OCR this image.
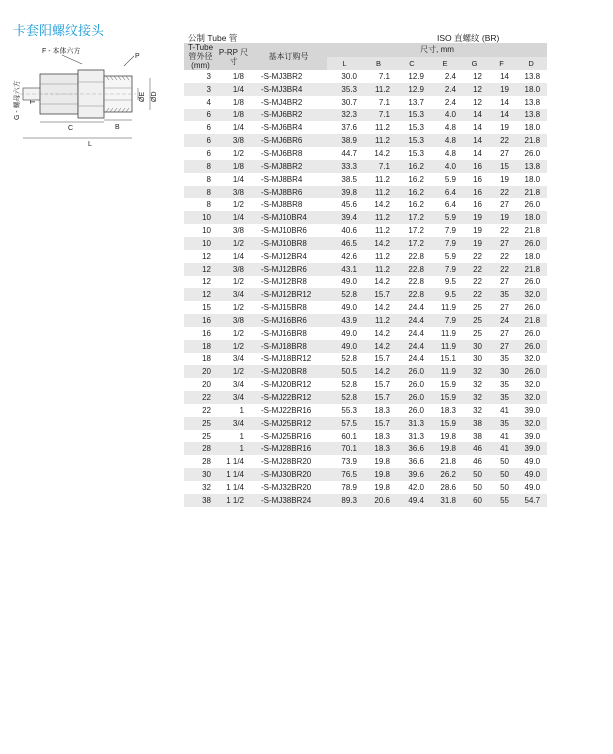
卡套阳螺纹接头
F - 本体六方
P
G - 螺母六方 T	ØE ØD
C	B
L
公制 Tube 管	ISO 直螺纹 (BR)
T-Tube 管外径 (mm)	P-RP 尺寸	基本订购号	尺寸, mm						
			L	B	C	E	G	F	D
3	1/8	-S-MJ3BR2	30.0	7.1	12.9	2.4	12	14	13.8
3	1/4	-S-MJ3BR4	35.3	11.2	12.9	2.4	12	19	18.0
4	1/8	-S-MJ4BR2	30.7	7.1	13.7	2.4	12	14	13.8
6	1/8	-S-MJ6BR2	32.3	7.1	15.3	4.0	14	14	13.8
6	1/4	-S-MJ6BR4	37.6	11.2	15.3	4.8	14	19	18.0
6	3/8	-S-MJ6BR6	38.9	11.2	15.3	4.8	14	22	21.8
6	1/2	-S-MJ6BR8	44.7	14.2	15.3	4.8	14	27	26.0
8	1/8	-S-MJ8BR2	33.3	7.1	16.2	4.0	16	15	13.8
8	1/4	-S-MJ8BR4	38.5	11.2	16.2	5.9	16	19	18.0
8	3/8	-S-MJ8BR6	39.8	11.2	16.2	6.4	16	22	21.8
8	1/2	-S-MJ8BR8	45.6	14.2	16.2	6.4	16	27	26.0
10	1/4	-S-MJ10BR4	39.4	11.2	17.2	5.9	19	19	18.0
10	3/8	-S-MJ10BR6	40.6	11.2	17.2	7.9	19	22	21.8
10	1/2	-S-MJ10BR8	46.5	14.2	17.2	7.9	19	27	26.0
12	1/4	-S-MJ12BR4	42.6	11.2	22.8	5.9	22	22	18.0
12	3/8	-S-MJ12BR6	43.1	11.2	22.8	7.9	22	22	21.8
12	1/2	-S-MJ12BR8	49.0	14.2	22.8	9.5	22	27	26.0
12	3/4	-S-MJ12BR12	52.8	15.7	22.8	9.5	22	35	32.0
15	1/2	-S-MJ15BR8	49.0	14.2	24.4	11.9	25	27	26.0
16	3/8	-S-MJ16BR6	43.9	11.2	24.4	7.9	25	24	21.8
16	1/2	-S-MJ16BR8	49.0	14.2	24.4	11.9	25	27	26.0
18	1/2	-S-MJ18BR8	49.0	14.2	24.4	11.9	30	27	26.0
18	3/4	-S-MJ18BR12	52.8	15.7	24.4	15.1	30	35	32.0
20	1/2	-S-MJ20BR8	50.5	14.2	26.0	11.9	32	30	26.0
20	3/4	-S-MJ20BR12	52.8	15.7	26.0	15.9	32	35	32.0
22	3/4	-S-MJ22BR12	52.8	15.7	26.0	15.9	32	35	32.0
22	1	-S-MJ22BR16	55.3	18.3	26.0	18.3	32	41	39.0
25	3/4	-S-MJ25BR12	57.5	15.7	31.3	15.9	38	35	32.0
25	1	-S-MJ25BR16	60.1	18.3	31.3	19.8	38	41	39.0
28	1	-S-MJ28BR16	70.1	18.3	36.6	19.8	46	41	39.0
28	1 1/4	-S-MJ28BR20	73.9	19.8	36.6	21.8	46	50	49.0
30	1 1/4	-S-MJ30BR20	76.5	19.8	39.6	26.2	50	50	49.0
32	1 1/4	-S-MJ32BR20	78.9	19.8	42.0	28.6	50	50	49.0
38	1 1/2	-S-MJ38BR24	89.3	20.6	49.4	31.8	60	55	54.7
